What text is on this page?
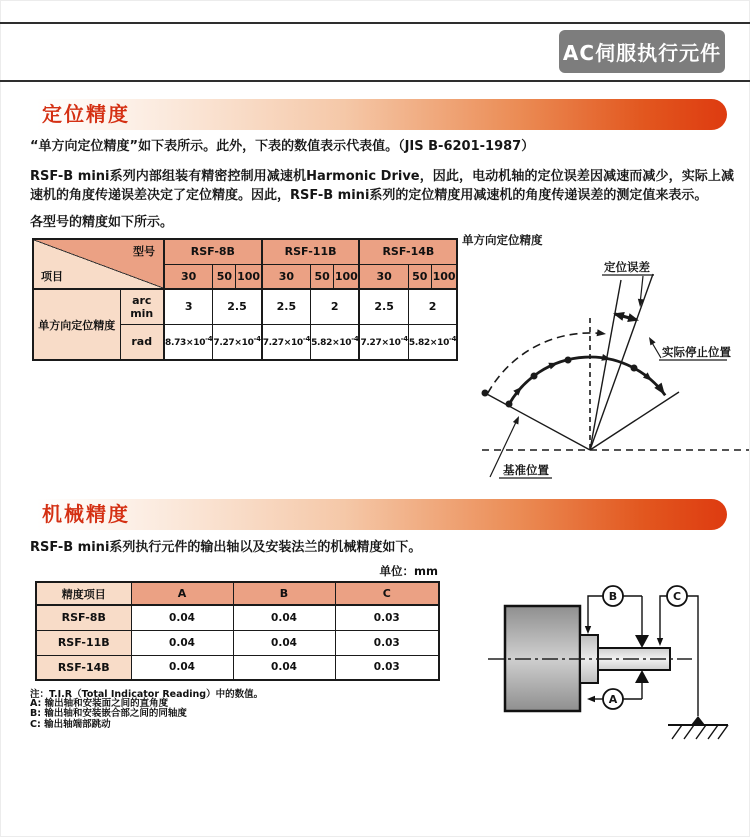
AC伺服执行元件
定位精度

“单方向定位精度”如下表所示。此外，下表的数值表示代表值。（JIS B-6201-1987）

RSF-B mini系列内部组装有精密控制用减速机Harmonic Drive，因此，电动机轴的定位误差因减速而减少，实际上减速机的角度传递误差决定了定位精度。因此，RSF-B mini系列的定位精度用减速机的角度传递误差的测定值来表示。

各型号的精度如下所示。

型号
项目		RSF-8B			RSF-11B			RSF-14B		
		30	50	100	30	50	100	30	50	100
单方向定位精度	arc min	3	2.5		2.5	2		2.5	2	
	rad	$8.73\times 10^{-4}$	$7.27\times 10^{-4}$		$7.27\times 10^{-4}$	$5.82\times 10^{-4}$		$7.27\times 10^{-4}$	$5.82\times 10^{-4}$
单方向定位精度
定位误差
实际停止位置
基准位置
机械精度

RSF-B mini系列执行元件的输出轴以及安装法兰的机械精度如下。

单位：mm
精度项目	A	B	C
RSF-8B	0.04	0.04	0.03
RSF-11B	0.04	0.04	0.03
RSF-14B	0.04	0.04	0.03
注：T.I.R（Total Indicator Reading）中的数值。
A: 输出轴和安装面之间的直角度
B: 输出轴和安装嵌合部之间的同轴度
C: 输出轴端部跳动
B	C
A
